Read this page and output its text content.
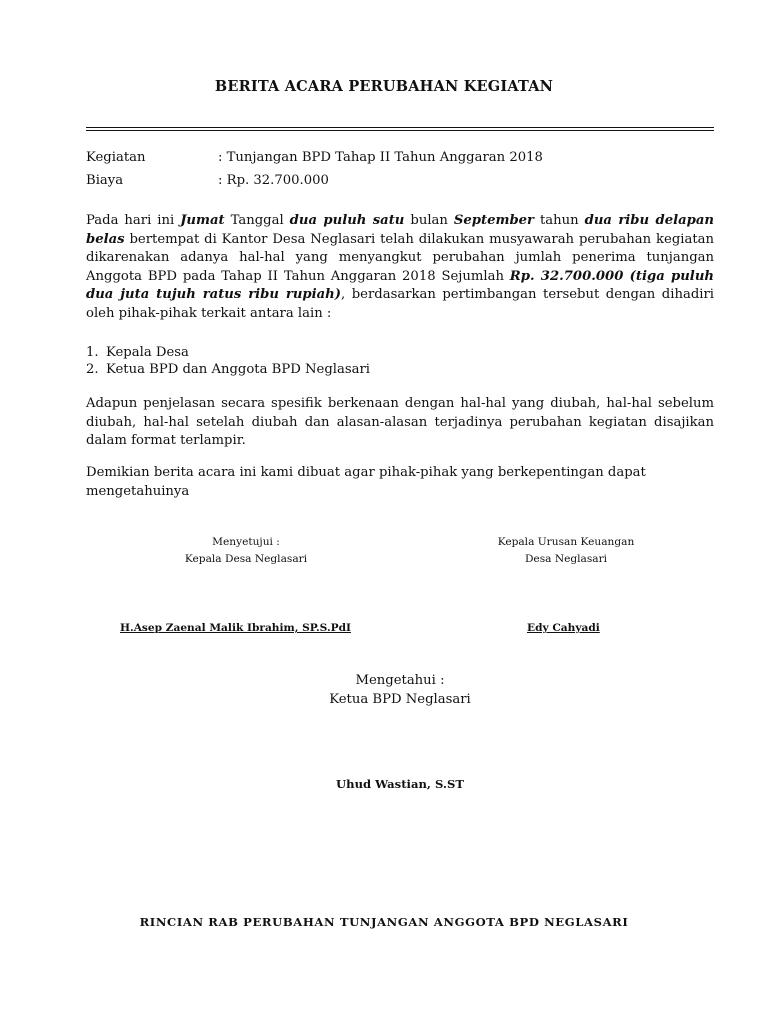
BERITA ACARA PERUBAHAN KEGIATAN
Kegiatan	: Tunjangan BPD Tahap II Tahun Anggaran 2018
Biaya	: Rp. 32.700.000
Pada hari ini Jumat Tanggal dua puluh satu bulan September tahun dua ribu delapan belas bertempat di Kantor Desa Neglasari telah dilakukan musyawarah perubahan kegiatan dikarenakan adanya hal-hal yang menyangkut perubahan jumlah penerima tunjangan Anggota BPD pada Tahap II Tahun Anggaran 2018 Sejumlah Rp. 32.700.000 (tiga puluh dua juta tujuh ratus ribu rupiah), berdasarkan pertimbangan tersebut dengan dihadiri oleh pihak-pihak terkait antara lain :
1. Kepala Desa
2. Ketua BPD dan Anggota BPD Neglasari
Adapun penjelasan secara spesifik berkenaan dengan hal-hal yang diubah, hal-hal sebelum diubah, hal-hal setelah diubah dan alasan-alasan terjadinya perubahan kegiatan disajikan dalam format terlampir.
Demikian berita acara ini kami dibuat agar pihak-pihak yang berkepentingan dapat mengetahuinya
Menyetujui :
Kepala Desa Neglasari
Kepala Urusan Keuangan
Desa Neglasari
H.Asep Zaenal Malik Ibrahim, SP.S.PdI	Edy Cahyadi
Mengetahui :
Ketua BPD Neglasari
Uhud Wastian, S.ST
RINCIAN RAB PERUBAHAN TUNJANGAN ANGGOTA BPD NEGLASARI
